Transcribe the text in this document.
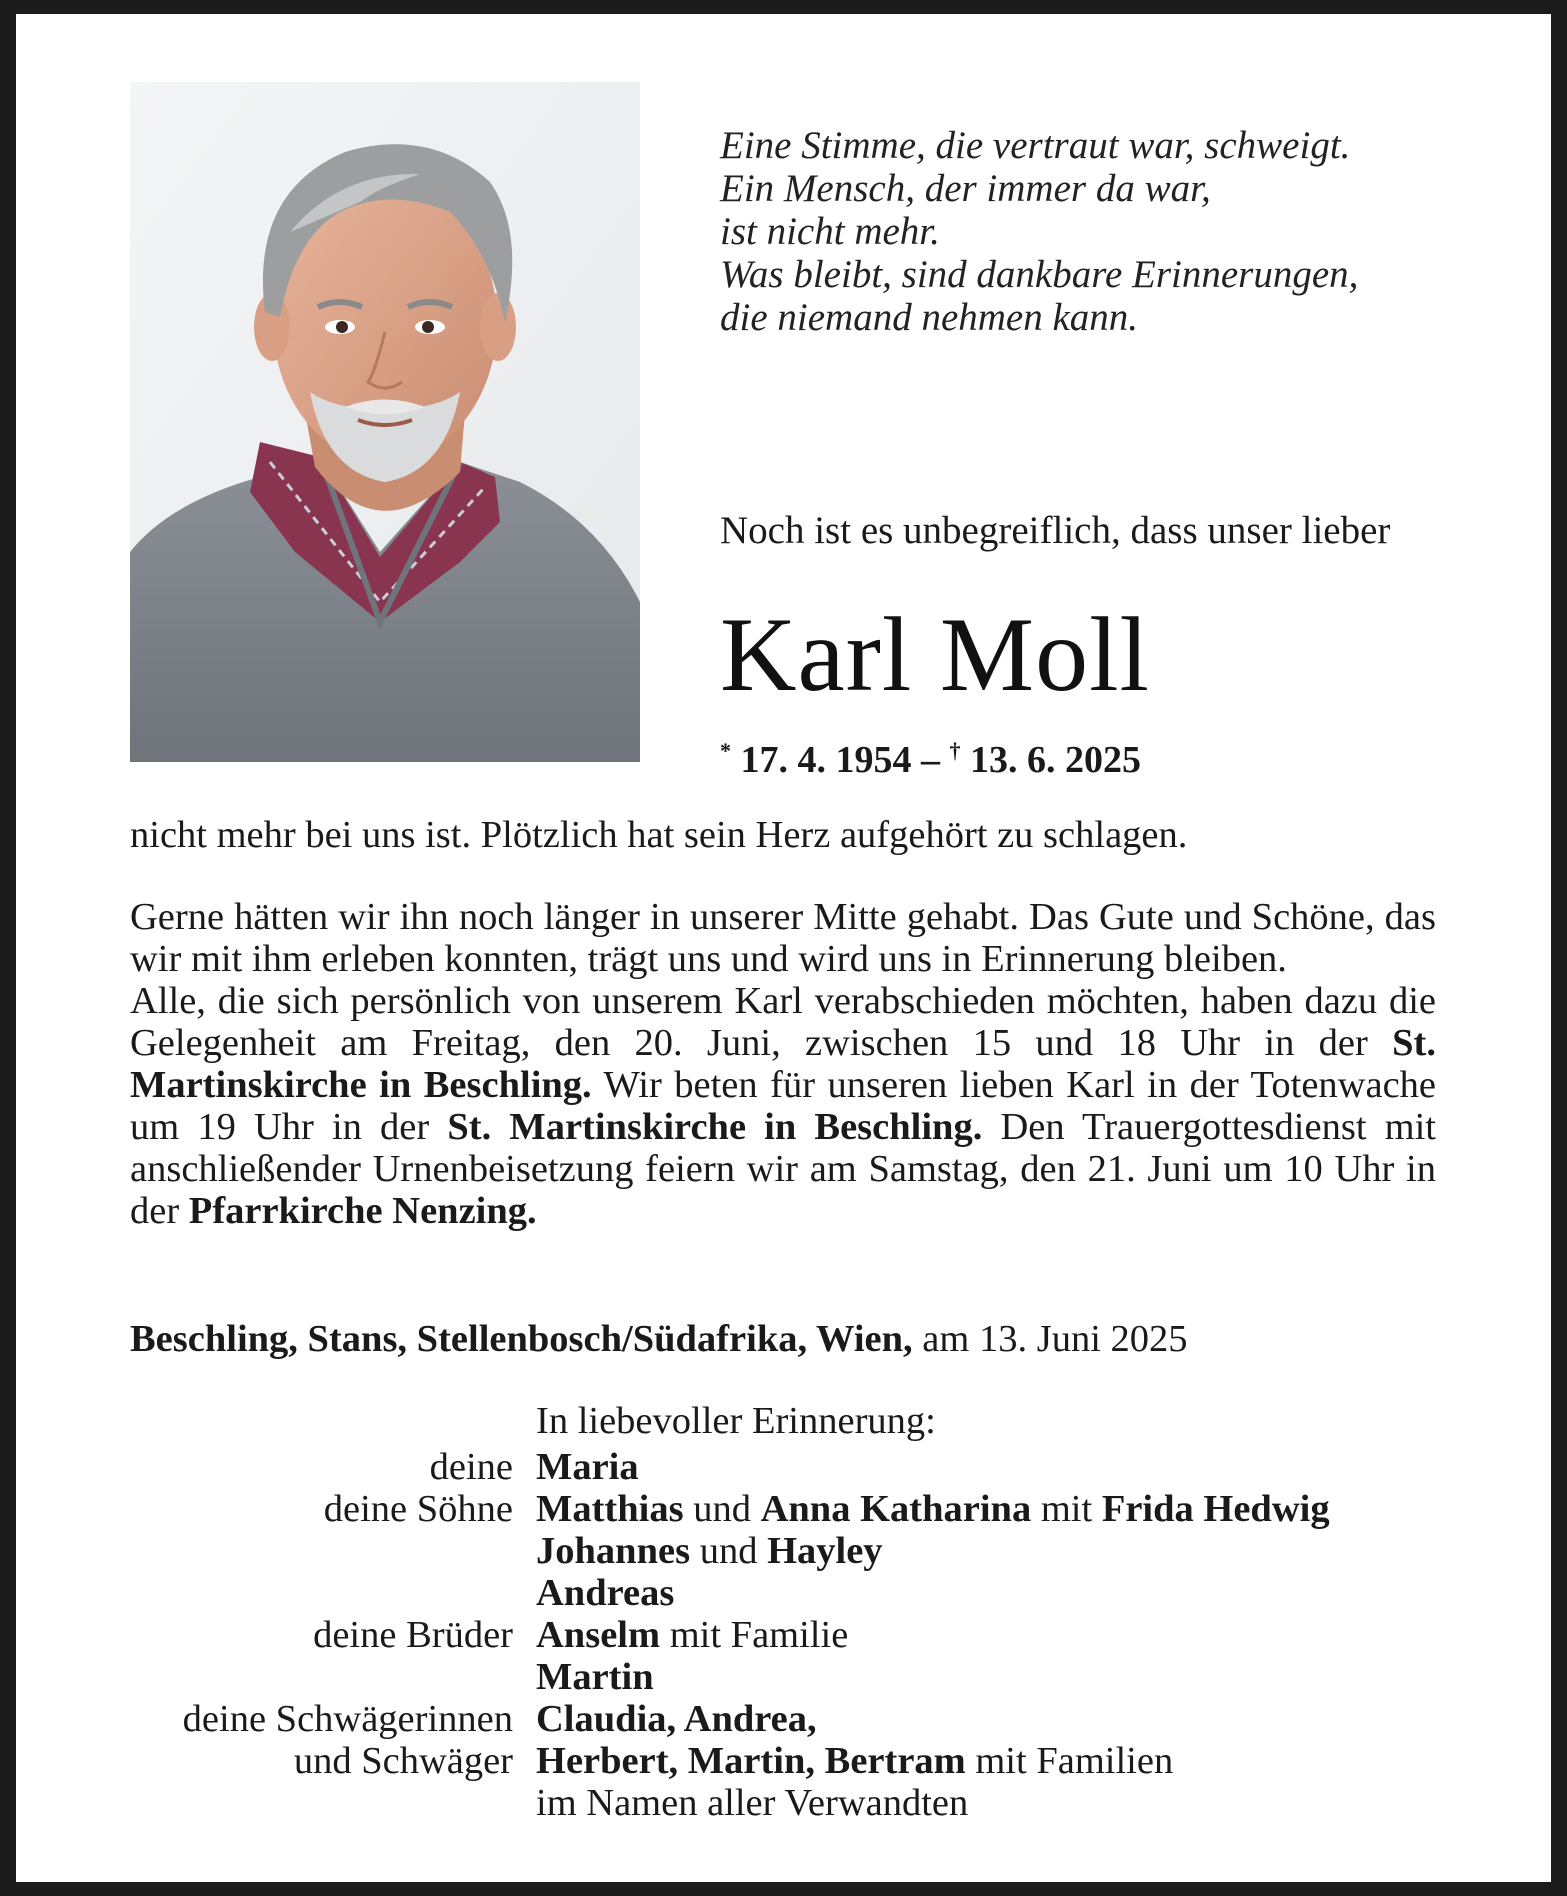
Eine Stimme, die vertraut war, schweigt.
Ein Mensch, der immer da war,
ist nicht mehr.
Was bleibt, sind dankbare Erinnerungen,
die niemand nehmen kann.
Noch ist es unbegreiflich, dass unser lieber
Karl Moll
* 17. 4. 1954 – † 13. 6. 2025
nicht mehr bei uns ist. Plötzlich hat sein Herz aufgehört zu schlagen.
Gerne hätten wir ihn noch länger in unserer Mitte gehabt. Das Gute und Schöne, das wir mit ihm erleben konnten, trägt uns und wird uns in Erinnerung bleiben.
Alle, die sich persönlich von unserem Karl verabschieden möchten, haben dazu die Gelegenheit am Freitag, den 20. Juni, zwischen 15 und 18 Uhr in der St. Martinskirche in Beschling. Wir beten für unseren lieben Karl in der Totenwache um 19 Uhr in der St. Martinskirche in Beschling. Den Trauergottesdienst mit anschließender Urnenbeisetzung feiern wir am Samstag, den 21. Juni um 10 Uhr in der Pfarrkirche Nenzing.
Beschling, Stans, Stellenbosch/Südafrika, Wien, am 13. Juni 2025
In liebevoller Erinnerung:
deine Maria
deine Söhne Matthias und Anna Katharina mit Frida Hedwig
Johannes und Hayley
Andreas
deine Brüder Anselm mit Familie
Martin
deine Schwägerinnen Claudia, Andrea,
und Schwäger Herbert, Martin, Bertram mit Familien
im Namen aller Verwandten
